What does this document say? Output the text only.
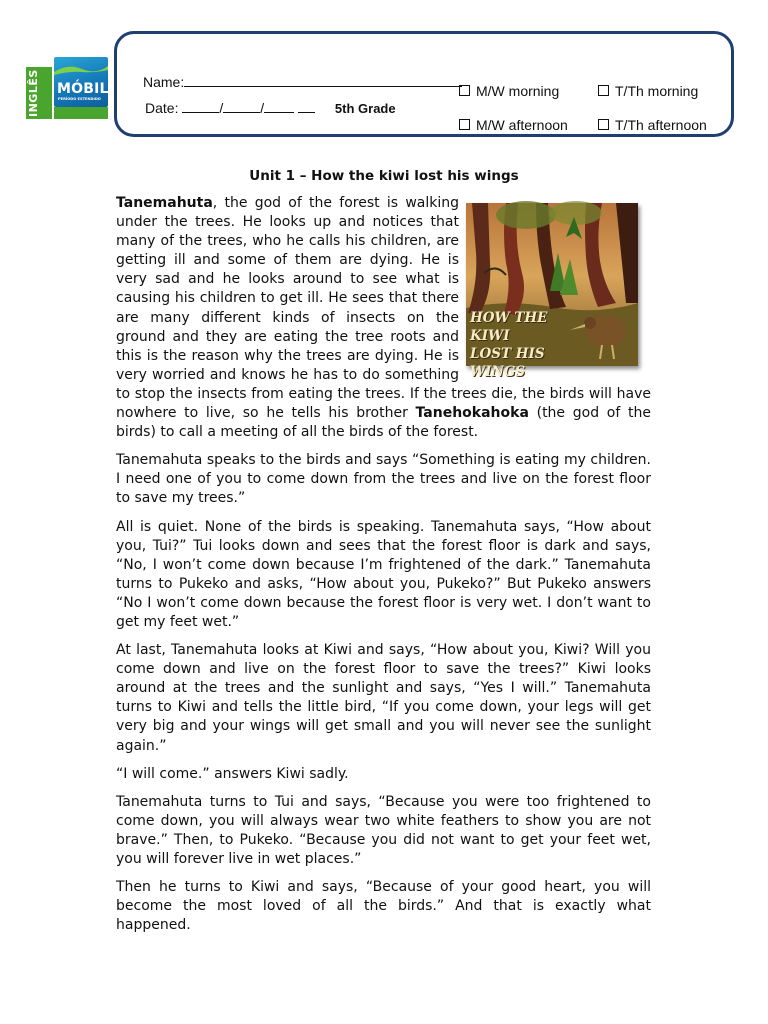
INGLÊS MÓBILE
PERÍODO ESTENDIDO
Name:
Date:	/	/	5th Grade
M/W morning	T/Th morning
M/W afternoon	T/Th afternoon
Unit 1 – How the kiwi lost his wings
HOW THE KIWI
LOST HIS WINGS

Tanemahuta, the god of the forest is walking under the trees. He looks up and notices that many of the trees, who he calls his children, are getting ill and some of them are dying. He is very sad and he looks around to see what is causing his children to get ill. He sees that there are many different kinds of insects on the ground and they are eating the tree roots and this is the reason why the trees are dying. He is very worried and knows he has to do something to stop the insects from eating the trees. If the trees die, the birds will have nowhere to live, so he tells his brother Tanehokahoka (the god of the birds) to call a meeting of all the birds of the forest.

Tanemahuta speaks to the birds and says “Something is eating my children. I need one of you to come down from the trees and live on the forest floor to save my trees.”

All is quiet. None of the birds is speaking. Tanemahuta says, “How about you, Tui?” Tui looks down and sees that the forest floor is dark and says, “No, I won’t come down because I’m frightened of the dark.” Tanemahuta turns to Pukeko and asks, “How about you, Pukeko?” But Pukeko answers “No I won’t come down because the forest floor is very wet. I don’t want to get my feet wet.”

At last, Tanemahuta looks at Kiwi and says, “How about you, Kiwi? Will you come down and live on the forest floor to save the trees?” Kiwi looks around at the trees and the sunlight and says, “Yes I will.” Tanemahuta turns to Kiwi and tells the little bird, “If you come down, your legs will get very big and your wings will get small and you will never see the sunlight again.”

“I will come.” answers Kiwi sadly.

Tanemahuta turns to Tui and says, “Because you were too frightened to come down, you will always wear two white feathers to show you are not brave.” Then, to Pukeko. “Because you did not want to get your feet wet, you will forever live in wet places.”

Then he turns to Kiwi and says, “Because of your good heart, you will become the most loved of all the birds.” And that is exactly what happened.
